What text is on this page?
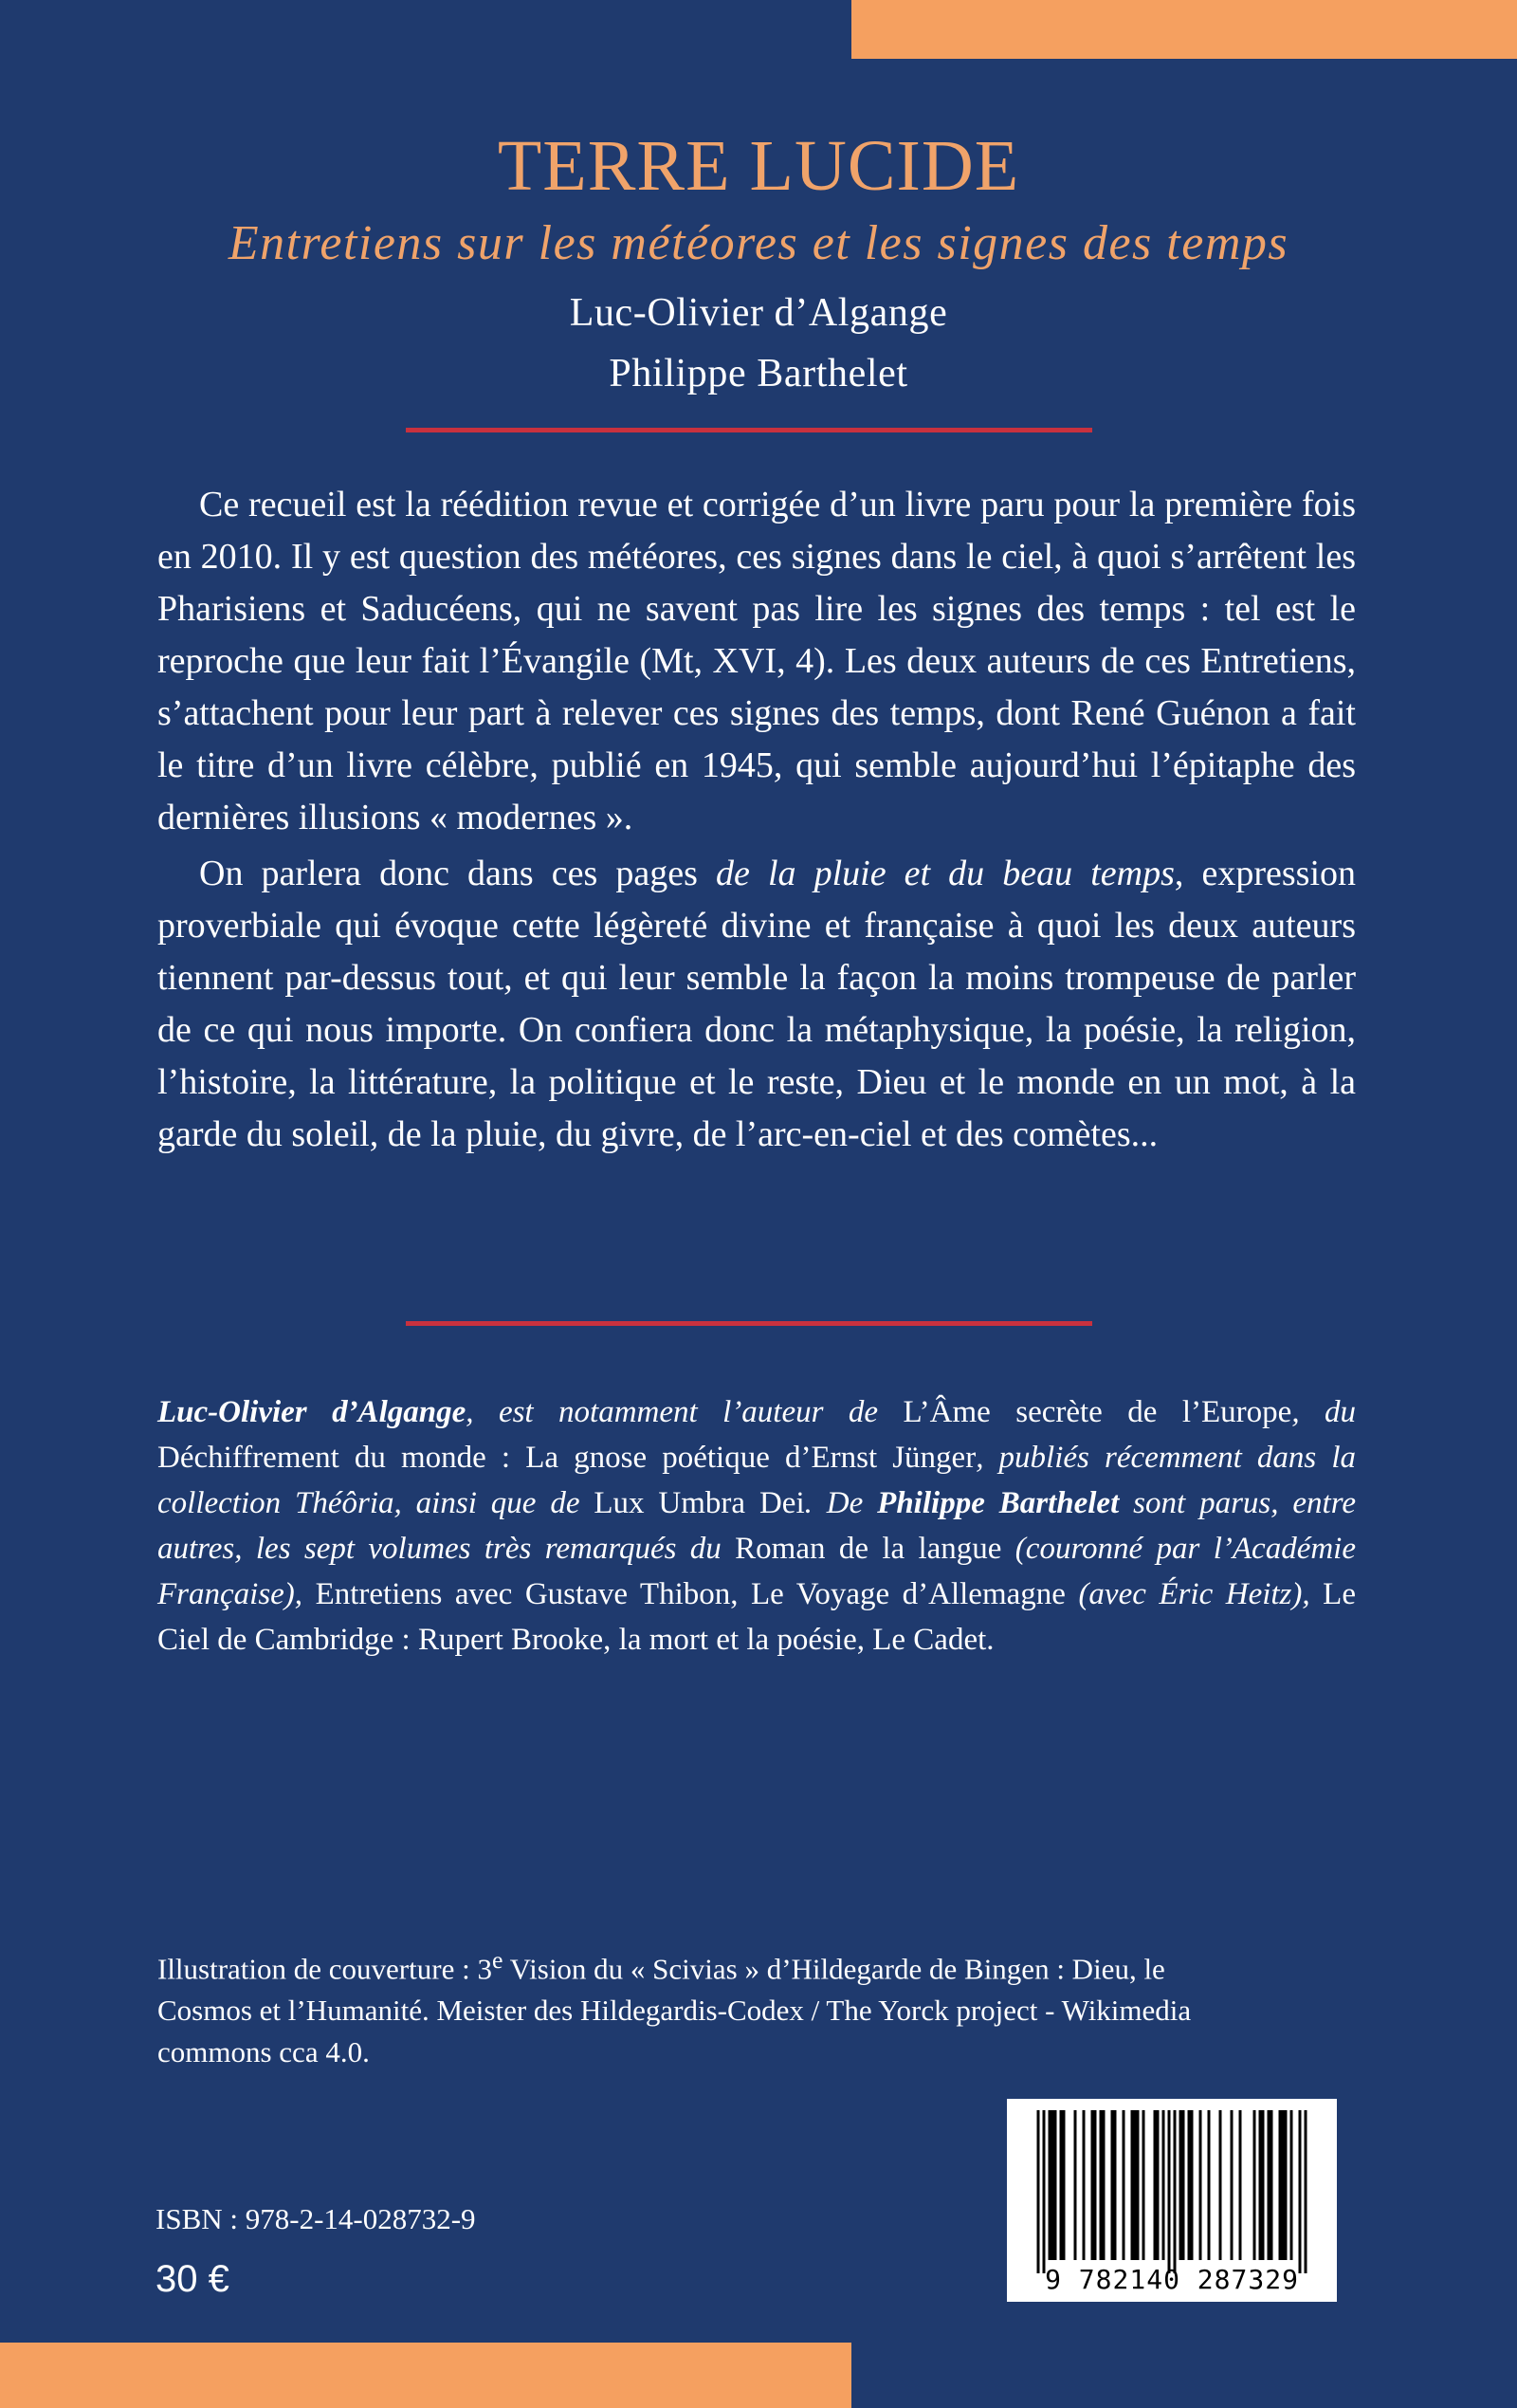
TERRE LUCIDE

Entretiens sur les météores et les signes des temps

Luc-Olivier d’Algange

Philippe Barthelet

Ce recueil est la réédition revue et corrigée d’un livre paru pour la première fois en 2010. Il y est question des météores, ces signes dans le ciel, à quoi s’arrêtent les Pharisiens et Saducéens, qui ne savent pas lire les signes des temps : tel est le reproche que leur fait l’Évangile (Mt, XVI, 4). Les deux auteurs de ces Entretiens, s’attachent pour leur part à relever ces signes des temps, dont René Guénon a fait le titre d’un livre célèbre, publié en 1945, qui semble aujourd’hui l’épitaphe des dernières illusions « modernes ».

On parlera donc dans ces pages de la pluie et du beau temps, expression proverbiale qui évoque cette légèreté divine et française à quoi les deux auteurs tiennent par-dessus tout, et qui leur semble la façon la moins trompeuse de parler de ce qui nous importe. On confiera donc la métaphysique, la poésie, la religion, l’histoire, la littérature, la politique et le reste, Dieu et le monde en un mot, à la garde du soleil, de la pluie, du givre, de l’arc-en-ciel et des comètes...

Luc-Olivier d’Algange, est notamment l’auteur de L’Âme secrète de l’Europe, du Déchiffrement du monde : La gnose poétique d’Ernst Jünger, publiés récemment dans la collection Théôria, ainsi que de Lux Umbra Dei. De Philippe Barthelet sont parus, entre autres, les sept volumes très remarqués du Roman de la langue (couronné par l’Académie Française), Entretiens avec Gustave Thibon, Le Voyage d’Allemagne (avec Éric Heitz), Le Ciel de Cambridge : Rupert Brooke, la mort et la poésie, Le Cadet.
Illustration de couverture : 3e Vision du « Scivias » d’Hildegarde de Bingen : Dieu, le Cosmos et l’Humanité. Meister des Hildegardis-Codex / The Yorck project - Wikimedia commons cca 4.0.
ISBN : 978-2-14-028732-9
30 €	9 782140 287329
